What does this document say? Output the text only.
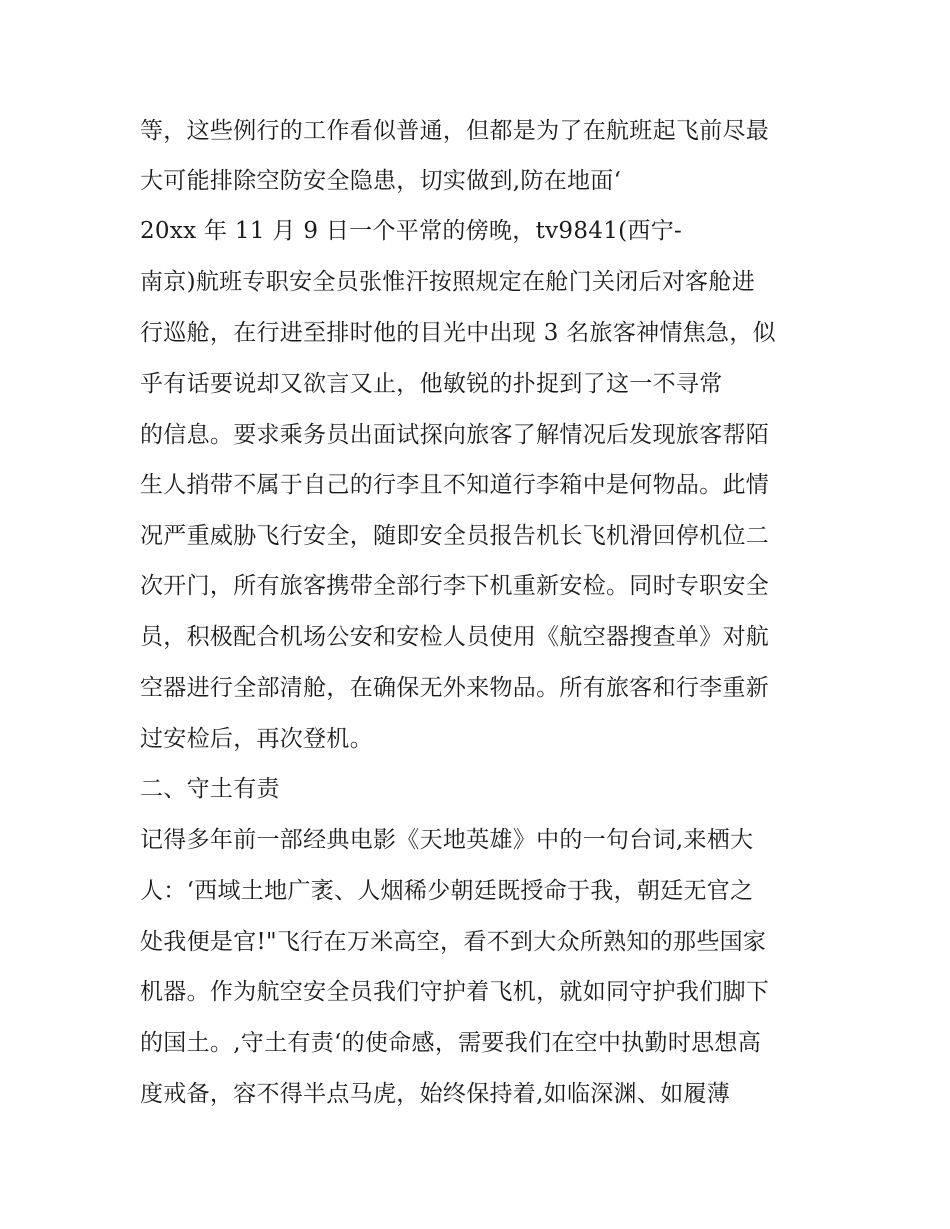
等，这些例行的工作看似普通，但都是为了在航班起飞前尽最
大可能排除空防安全隐患，切实做到,防在地面‘
20xx 年 11 月 9 日一个平常的傍晚，tv9841(西宁-
南京)航班专职安全员张惟汗按照规定在舱门关闭后对客舱进
行巡舱，在行进至排时他的目光中出现 3 名旅客神情焦急，似
乎有话要说却又欲言又止，他敏锐的扑捉到了这一不寻常
的信息。要求乘务员出面试探向旅客了解情况后发现旅客帮陌
生人捎带不属于自己的行李且不知道行李箱中是何物品。此情
况严重威胁飞行安全，随即安全员报告机长飞机滑回停机位二
次开门，所有旅客携带全部行李下机重新安检。同时专职安全
员，积极配合机场公安和安检人员使用《航空器搜查单》对航
空器进行全部清舱，在确保无外来物品。所有旅客和行李重新
过安检后，再次登机。
二、守土有责
记得多年前一部经典电影《天地英雄》中的一句台词,来栖大
人：‘西域土地广袤、人烟稀少朝廷既授命于我，朝廷无官之
处我便是官!"飞行在万米高空，看不到大众所熟知的那些国家
机器。作为航空安全员我们守护着飞机，就如同守护我们脚下
的国土。,守土有责‘的使命感，需要我们在空中执勤时思想高
度戒备，容不得半点马虎，始终保持着,如临深渊、如履薄
